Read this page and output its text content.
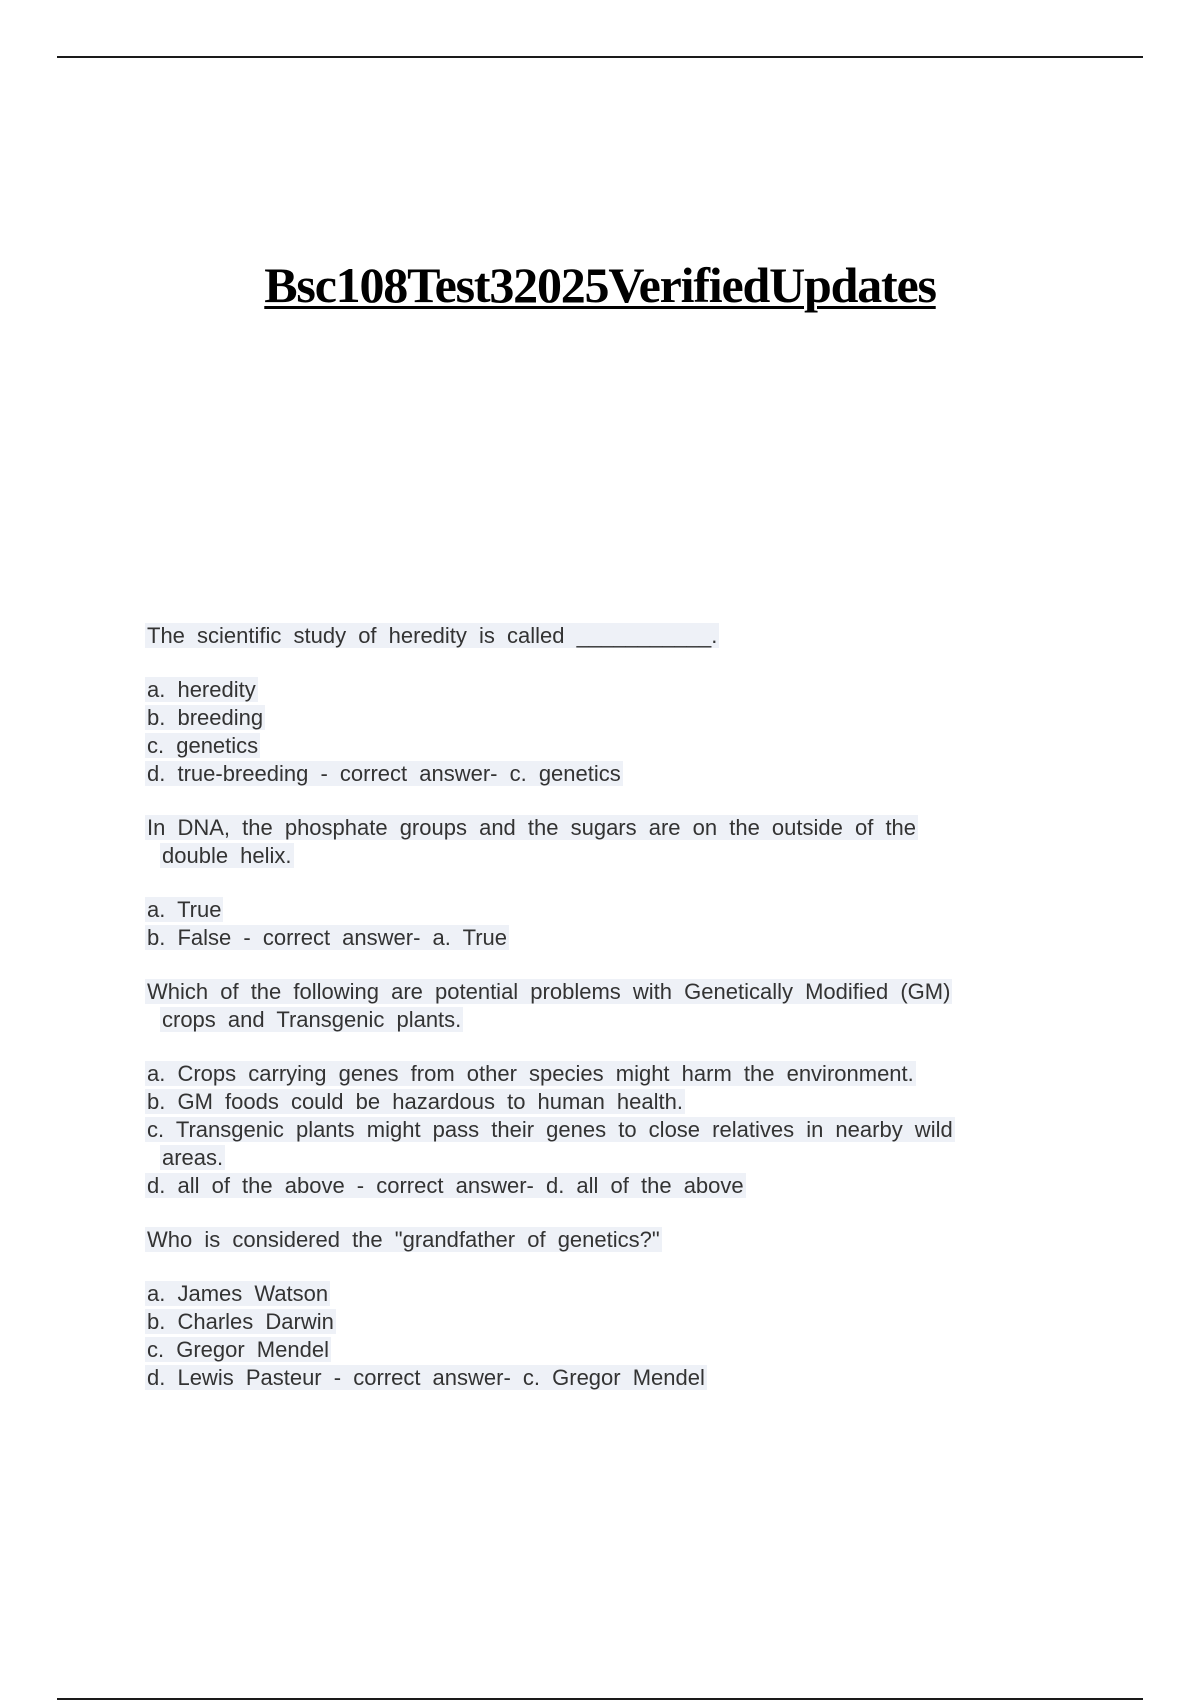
Bsc108Test32025VerifiedUpdates
The scientific study of heredity is called ___________.
a. heredity
b. breeding
c. genetics
d. true-breeding - correct answer- c. genetics
In DNA, the phosphate groups and the sugars are on the outside of the
double helix.
a. True
b. False - correct answer- a. True
Which of the following are potential problems with Genetically Modified (GM)
crops and Transgenic plants.
a. Crops carrying genes from other species might harm the environment.
b. GM foods could be hazardous to human health.
c. Transgenic plants might pass their genes to close relatives in nearby wild
areas.
d. all of the above - correct answer- d. all of the above
Who is considered the "grandfather of genetics?"
a. James Watson
b. Charles Darwin
c. Gregor Mendel
d. Lewis Pasteur - correct answer- c. Gregor Mendel
